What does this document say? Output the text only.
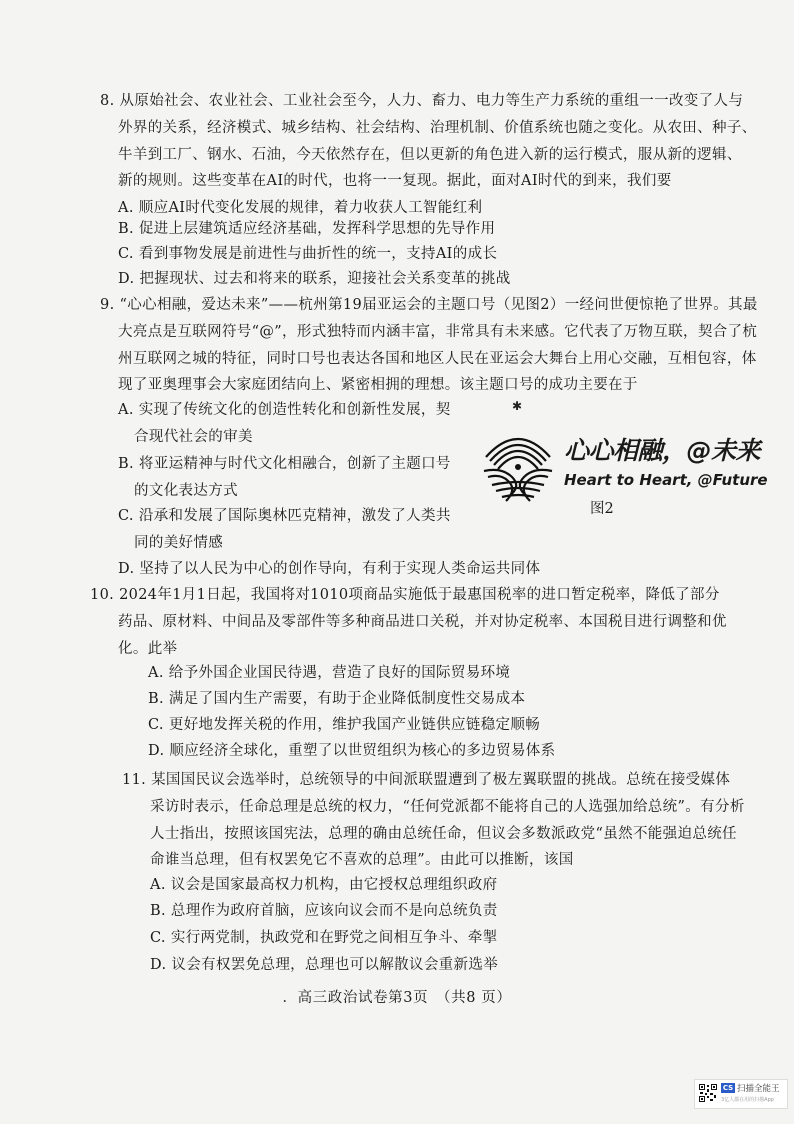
8. 从原始社会、农业社会、工业社会至今，人力、畜力、电力等生产力系统的重组一一改变了人与
外界的关系，经济模式、城乡结构、社会结构、治理机制、价值系统也随之变化。从农田、种子、
牛羊到工厂、钢水、石油，今天依然存在，但以更新的角色进入新的运行模式，服从新的逻辑、
新的规则。这些变革在AI的时代，也将一一复现。据此，面对AI时代的到来，我们要
A. 顺应AI时代变化发展的规律，着力收获人工智能红利
B. 促进上层建筑适应经济基础，发挥科学思想的先导作用
C. 看到事物发展是前进性与曲折性的统一，支持AI的成长
D. 把握现状、过去和将来的联系，迎接社会关系变革的挑战
9. “心心相融，爱达未来”——杭州第19届亚运会的主题口号（见图2）一经问世便惊艳了世界。其最
大亮点是互联网符号“@”，形式独特而内涵丰富，非常具有未来感。它代表了万物互联，契合了杭
州互联网之城的特征，同时口号也表达各国和地区人民在亚运会大舞台上用心交融，互相包容，体
现了亚奥理事会大家庭团结向上、紧密相拥的理想。该主题口号的成功主要在于
A. 实现了传统文化的创造性转化和创新性发展，契
合现代社会的审美
B. 将亚运精神与时代文化相融合，创新了主题口号
的文化表达方式
C. 沿承和发展了国际奥林匹克精神，激发了人类共
同的美好情感
D. 坚持了以人民为中心的创作导向，有利于实现人类命运共同体
✱
心心相融，@未来
Heart to Heart, @Future
图2
10. 2024年1月1日起，我国将对1010项商品实施低于最惠国税率的进口暂定税率，降低了部分
药品、原材料、中间品及零部件等多种商品进口关税，并对协定税率、本国税目进行调整和优
化。此举
A. 给予外国企业国民待遇，营造了良好的国际贸易环境
B. 满足了国内生产需要，有助于企业降低制度性交易成本
C. 更好地发挥关税的作用，维护我国产业链供应链稳定顺畅
D. 顺应经济全球化，重塑了以世贸组织为核心的多边贸易体系
11. 某国国民议会选举时，总统领导的中间派联盟遭到了极左翼联盟的挑战。总统在接受媒体
采访时表示，任命总理是总统的权力，“任何党派都不能将自己的人选强加给总统”。有分析
人士指出，按照该国宪法，总理的确由总统任命，但议会多数派政党“虽然不能强迫总统任
命谁当总理，但有权罢免它不喜欢的总理”。由此可以推断，该国
A. 议会是国家最高权力机构，由它授权总理组织政府
B. 总理作为政府首脑，应该向议会而不是向总统负责
C. 实行两党制，执政党和在野党之间相互争斗、牵掣
D. 议会有权罢免总理，总理也可以解散议会重新选举
．高三政治试卷第3页　（共8 页）
CS 扫描全能王
3亿人都在用的扫描App
